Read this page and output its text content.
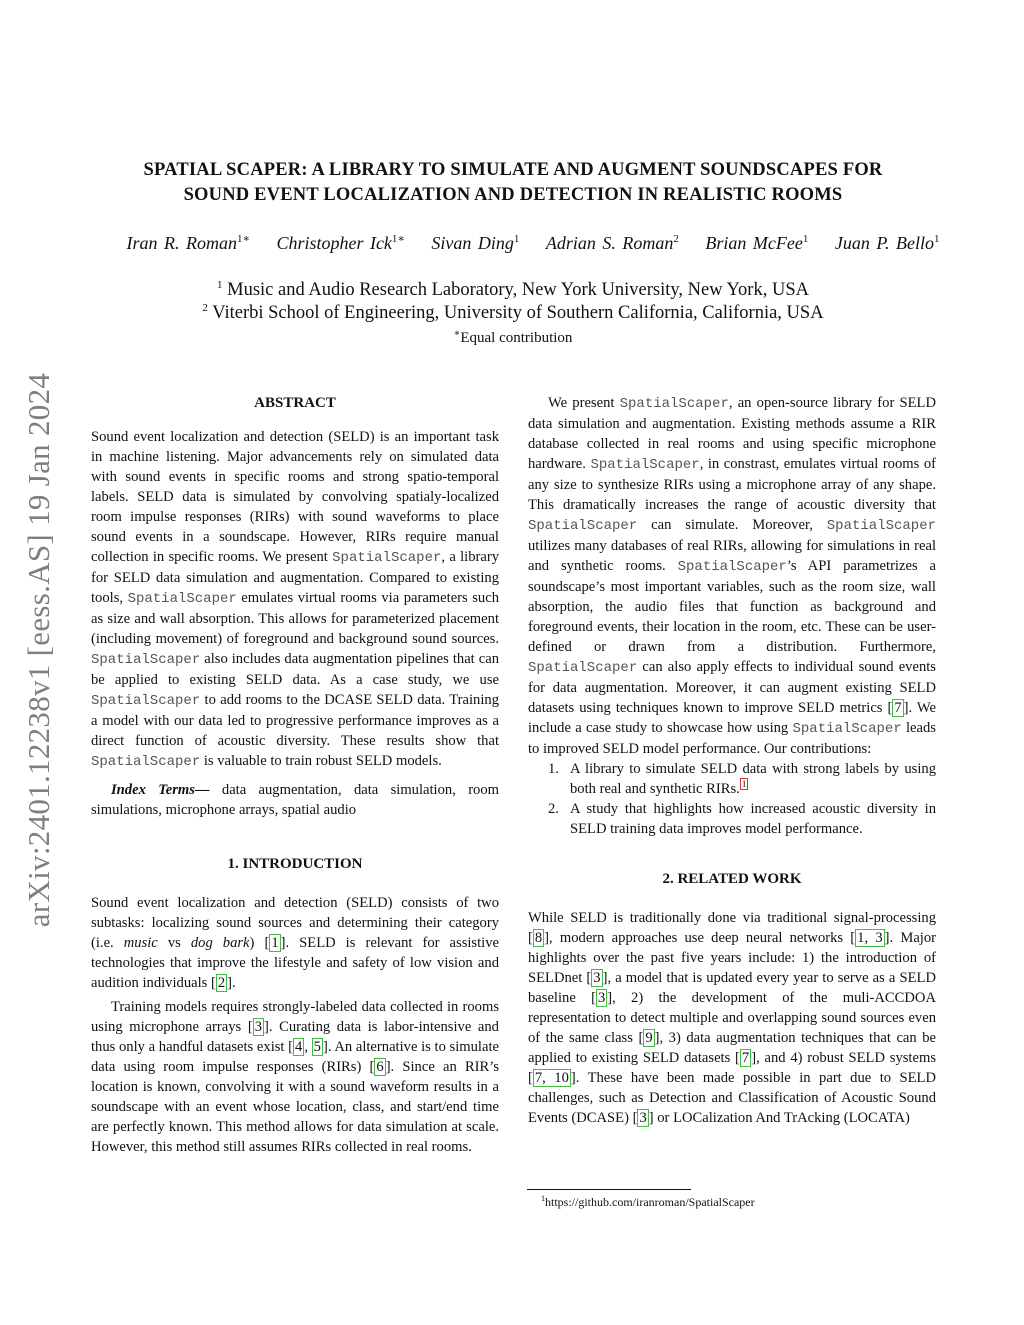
arXiv:2401.12238v1 [eess.AS] 19 Jan 2024
SPATIAL SCAPER: A LIBRARY TO SIMULATE AND AUGMENT SOUNDSCAPES FOR
SOUND EVENT LOCALIZATION AND DETECTION IN REALISTIC ROOMS
Iran R. Roman$^{1∗}$ Christopher Ick$^{1∗}$ Sivan Ding$^1$ Adrian S. Roman$^2$ Brian McFee$^1$ Juan P. Bello$^1$
$^1$ Music and Audio Research Laboratory, New York University, New York, USA
$^2$ Viterbi School of Engineering, University of Southern California, California, USA
∗Equal contribution
ABSTRACT

Sound event localization and detection (SELD) is an important task in machine listening. Major advancements rely on simulated data with sound events in specific rooms and strong spatio-temporal labels. SELD data is simulated by convolving spatialy-localized room impulse responses (RIRs) with sound waveforms to place sound events in a soundscape. However, RIRs require manual collection in specific rooms. We present SpatialScaper, a library for SELD data simulation and augmentation. Compared to existing tools, SpatialScaper emulates virtual rooms via parameters such as size and wall absorption. This allows for parameterized placement (including movement) of foreground and background sound sources. SpatialScaper also includes data augmentation pipelines that can be applied to existing SELD data. As a case study, we use SpatialScaper to add rooms to the DCASE SELD data. Training a model with our data led to progressive performance improves as a direct function of acoustic diversity. These results show that SpatialScaper is valuable to train robust SELD models.

Index Terms— data augmentation, data simulation, room simulations, microphone arrays, spatial audio

1. INTRODUCTION

Sound event localization and detection (SELD) consists of two subtasks: localizing sound sources and determining their category (i.e. music vs dog bark) [ 1 ]. SELD is relevant for assistive technologies that improve the lifestyle and safety of low vision and audition individuals [ 2 ].

Training models requires strongly-labeled data collected in rooms using microphone arrays [ 3 ]. Curating data is labor-intensive and thus only a handful datasets exist [ 4 , 5 ]. An alternative is to simulate data using room impulse responses (RIRs) [ 6 ]. Since an RIR’s location is known, convolving it with a sound waveform results in a soundscape with an event whose location, class, and start/end time are perfectly known. This method allows for data simulation at scale. However, this method still assumes RIRs collected in real rooms.

We present SpatialScaper, an open-source library for SELD data simulation and augmentation. Existing methods assume a RIR database collected in real rooms and using specific microphone hardware. SpatialScaper, in constrast, emulates virtual rooms of any size to synthesize RIRs using a microphone array of any shape. This dramatically increases the range of acoustic diversity that SpatialScaper can simulate. Moreover, SpatialScaper utilizes many databases of real RIRs, allowing for simulations in real and synthetic rooms. SpatialScaper’s API parametrizes a soundscape’s most important variables, such as the room size, wall absorption, the audio files that function as background and foreground events, their location in the room, etc. These can be user-defined or drawn from a distribution. Furthermore, SpatialScaper can also apply effects to individual sound events for data augmentation. Moreover, it can augment existing SELD datasets using techniques known to improve SELD metrics [ 7 ]. We include a case study to showcase how using SpatialScaper leads to improved SELD model performance. Our contributions:

1. A library to simulate SELD data with strong labels by using both real and synthetic RIRs. $^1$
2. A study that highlights how increased acoustic diversity in SELD training data improves model performance.
2. RELATED WORK

While SELD is traditionally done via traditional signal-processing [ 8 ], modern approaches use deep neural networks [ 1, 3 ]. Major highlights over the past five years include: 1) the introduction of SELDnet [ 3 ], a model that is updated every year to serve as a SELD baseline [ 3 ], 2) the development of the muli-ACCDOA representation to detect multiple and overlapping sound sources even of the same class [ 9 ], 3) data augmentation techniques that can be applied to existing SELD datasets [ 7 ], and 4) robust SELD systems [ 7, 10 ]. These have been made possible in part due to SELD challenges, such as Detection and Classification of Acoustic Sound Events (DCASE) [ 3 ] or LOCalization And TrAcking (LOCATA)

$^1$https://github.com/iranroman/SpatialScaper
